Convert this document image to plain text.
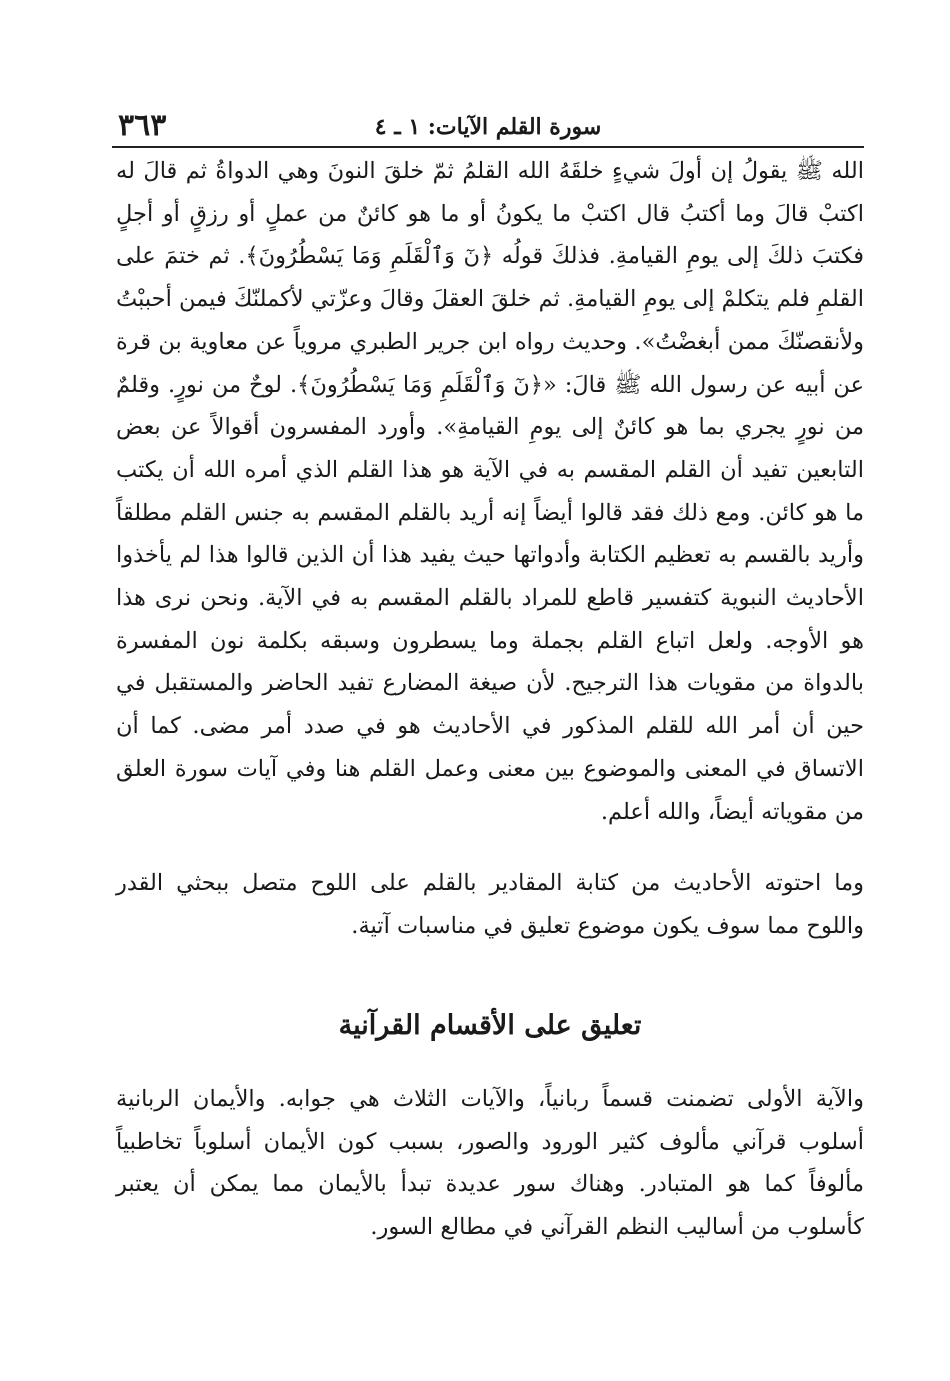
سورة القلم الآيات: ١ ـ ٤
٣٦٣

الله ﷺ يقولُ إن أولَ شيءٍ خلقَهُ الله القلمُ ثمّ خلقَ النونَ وهي الدواةُ ثم قالَ له اكتبْ قالَ وما أكتبُ قال اكتبْ ما يكونُ أو ما هو كائنٌ من عملٍ أو رزقٍ أو أجلٍ فكتبَ ذلكَ إلى يومِ القيامةِ. فذلكَ قولُه ﴿نٓ وَٱلْقَلَمِ وَمَا يَسْطُرُونَ﴾. ثم ختمَ على القلمِ فلم يتكلمْ إلى يومِ القيامةِ. ثم خلقَ العقلَ وقالَ وعزّتي لأكملنّكَ فيمن أحببْتُ ولأنقصنّكَ ممن أبغضْتُ». وحديث رواه ابن جرير الطبري مروياً عن معاوية بن قرة عن أبيه عن رسول الله ﷺ قالَ: «﴿نٓ وَٱلْقَلَمِ وَمَا يَسْطُرُونَ﴾. لوحٌ من نورٍ. وقلمٌ من نورٍ يجري بما هو كائنٌ إلى يومِ القيامةِ». وأورد المفسرون أقوالاً عن بعض التابعين تفيد أن القلم المقسم به في الآية هو هذا القلم الذي أمره الله أن يكتب ما هو كائن. ومع ذلك فقد قالوا أيضاً إنه أريد بالقلم المقسم به جنس القلم مطلقاً وأريد بالقسم به تعظيم الكتابة وأدواتها حيث يفيد هذا أن الذين قالوا هذا لم يأخذوا الأحاديث النبوية كتفسير قاطع للمراد بالقلم المقسم به في الآية. ونحن نرى هذا هو الأوجه. ولعل اتباع القلم بجملة وما يسطرون وسبقه بكلمة نون المفسرة بالدواة من مقويات هذا الترجيح. لأن صيغة المضارع تفيد الحاضر والمستقبل في حين أن أمر الله للقلم المذكور في الأحاديث هو في صدد أمر مضى. كما أن الاتساق في المعنى والموضوع بين معنى وعمل القلم هنا وفي آيات سورة العلق من مقوياته أيضاً، والله أعلم.

وما احتوته الأحاديث من كتابة المقادير بالقلم على اللوح متصل ببحثي القدر واللوح مما سوف يكون موضوع تعليق في مناسبات آتية.

تعليق على الأقسام القرآنية

والآية الأولى تضمنت قسماً ربانياً، والآيات الثلاث هي جوابه. والأيمان الربانية أسلوب قرآني مألوف كثير الورود والصور، بسبب كون الأيمان أسلوباً تخاطبياً مألوفاً كما هو المتبادر. وهناك سور عديدة تبدأ بالأيمان مما يمكن أن يعتبر كأسلوب من أساليب النظم القرآني في مطالع السور.
